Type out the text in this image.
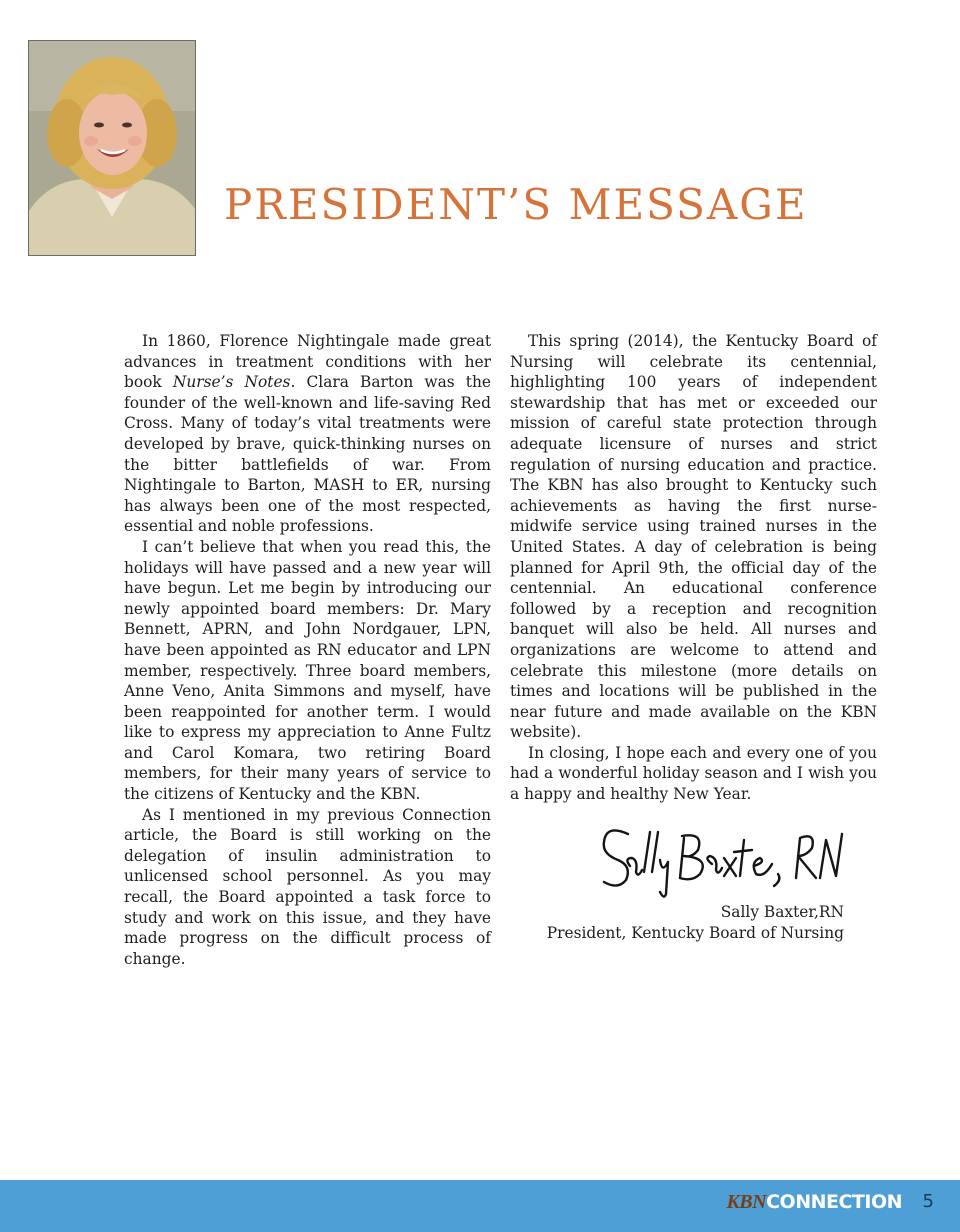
PRESIDENT’S MESSAGE

In 1860, Florence Nightingale made great advances in treatment conditions with her book Nurse’s Notes. Clara Barton was the founder of the well-known and life-saving Red Cross. Many of today’s vital treatments were developed by brave, quick-thinking nurses on the bitter battlefields of war. From Nightingale to Barton, MASH to ER, nursing has always been one of the most respected, essential and noble professions.

I can’t believe that when you read this, the holidays will have passed and a new year will have begun. Let me begin by introducing our newly appointed board members: Dr. Mary Bennett, APRN, and John Nordgauer, LPN, have been appointed as RN educator and LPN member, respectively. Three board members, Anne Veno, Anita Simmons and myself, have been reappointed for another term. I would like to express my appreciation to Anne Fultz and Carol Komara, two retiring Board members, for their many years of service to the citizens of Kentucky and the KBN.

As I mentioned in my previous Connection article, the Board is still working on the delegation of insulin administration to unlicensed school personnel. As you may recall, the Board appointed a task force to study and work on this issue, and they have made progress on the difficult process of change.

This spring (2014), the Kentucky Board of Nursing will celebrate its centennial, highlighting 100 years of independent stewardship that has met or exceeded our mission of careful state protection through adequate licensure of nurses and strict regulation of nursing education and practice. The KBN has also brought to Kentucky such achievements as having the first nurse-midwife service using trained nurses in the United States. A day of celebration is being planned for April 9th, the official day of the centennial. An educational conference followed by a reception and recognition banquet will also be held. All nurses and organizations are welcome to attend and celebrate this milestone (more details on times and locations will be published in the near future and made available on the KBN website).

In closing, I hope each and every one of you had a wonderful holiday season and I wish you a happy and healthy New Year.

Sally Baxter,RN
President, Kentucky Board of Nursing
KBNCONNECTION 5
